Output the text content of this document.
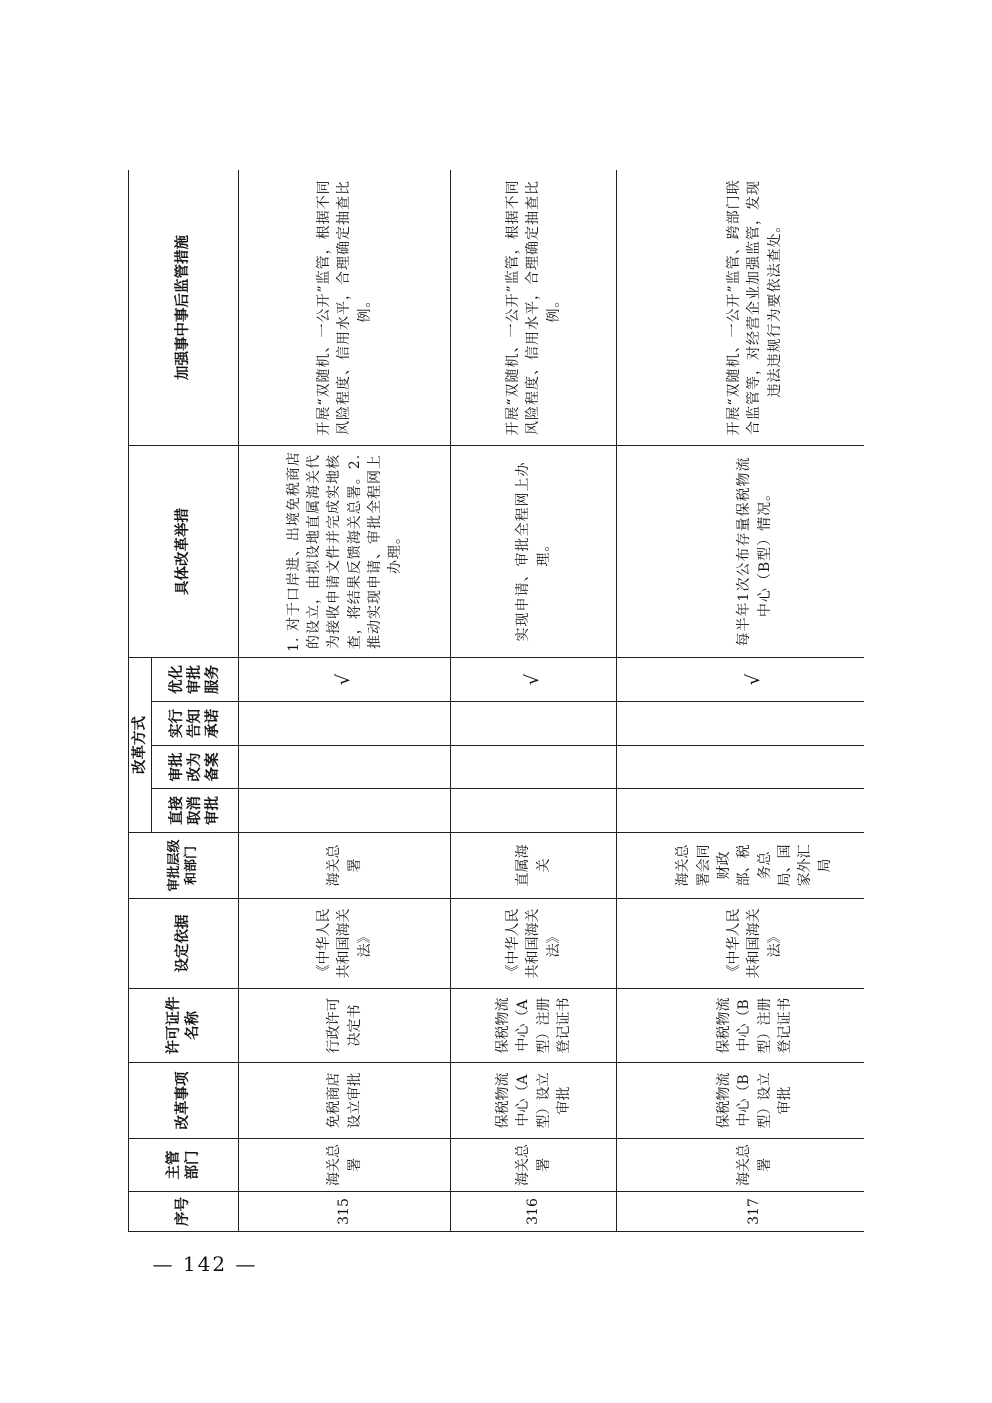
序号	主管部门	改革事项	许可证件名称	设定依据	审批层级和部门	改革方式				具体改革举措	加强事中事后监管措施
						直接取消审批	审批改为备案	实行告知承诺	优化审批服务		
315	海关总署	免税商店设立审批	行政许可决定书	《中华人民共和国海关法》	海关总署				√	1. 对于口岸进、出境免税商店的设立，由拟设地直属海关代为接收申请文件并完成实地核查，将结果反馈海关总署。2. 推动实现申请、审批全程网上办理。	开展“双随机、一公开”监管，根据不同风险程度、信用水平，合理确定抽查比例。
316	海关总署	保税物流中心（A型）设立审批	保税物流中心（A型）注册登记证书	《中华人民共和国海关法》	直属海关				√	实现申请、审批全程网上办理。	开展“双随机、一公开”监管，根据不同风险程度、信用水平，合理确定抽查比例。
317	海关总署	保税物流中心（B型）设立审批	保税物流中心（B型）注册登记证书	《中华人民共和国海关法》	海关总署会同财政部、税务总局、国家外汇局				√	每半年1次公布存量保税物流中心（B型）情况。	开展“双随机、一公开”监管、跨部门联合监管等，对经营企业加强监管，发现违法违规行为要依法查处。
— 142 —
